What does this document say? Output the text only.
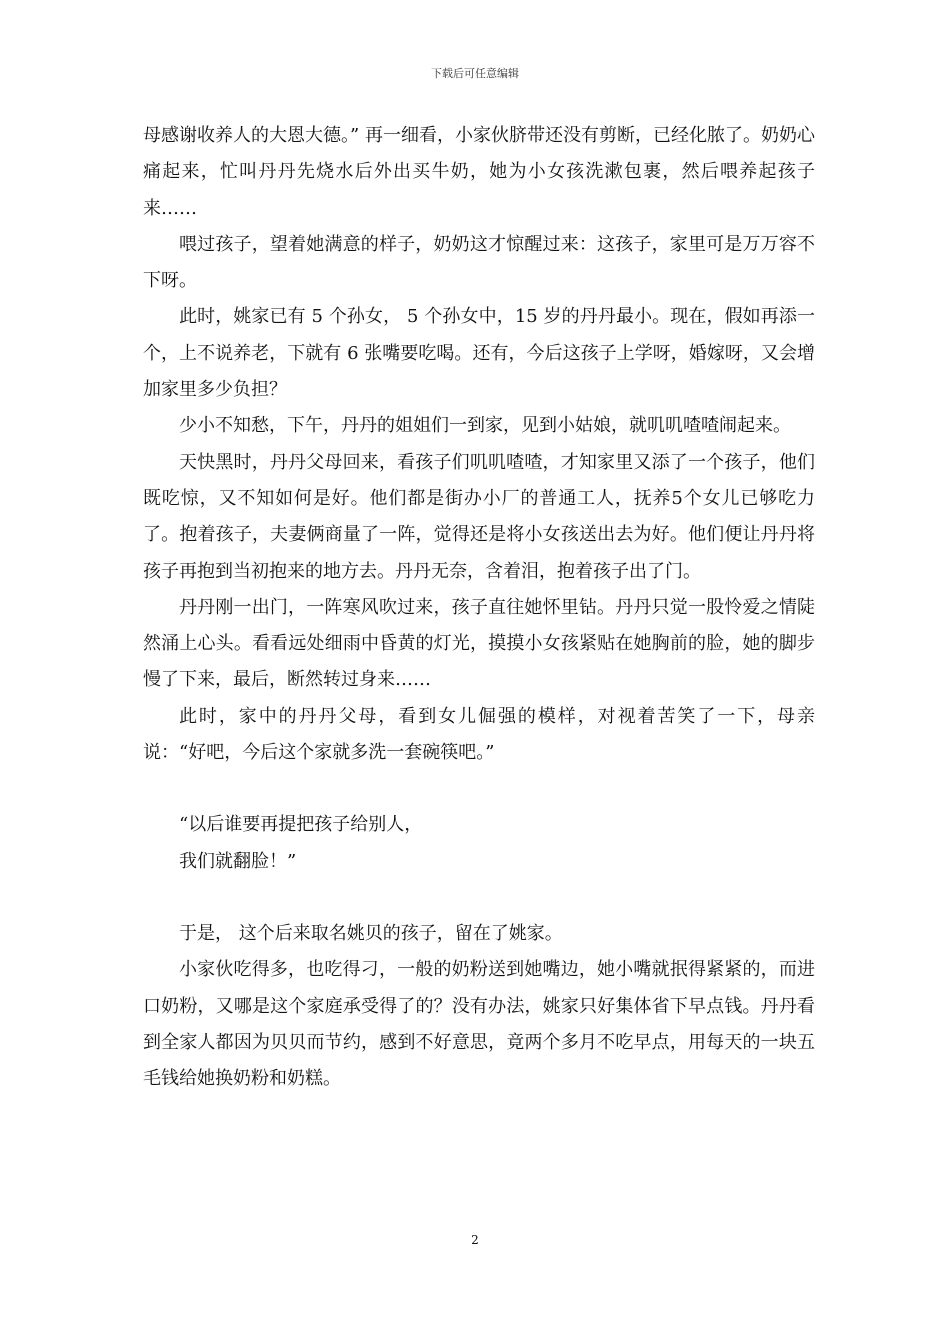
下载后可任意编辑

母感谢收养人的大恩大德。” 再一细看，小家伙脐带还没有剪断，已经化脓了。奶奶心痛起来，忙叫丹丹先烧水后外出买牛奶，她为小女孩洗漱包裹，然后喂养起孩子来……

喂过孩子，望着她满意的样子，奶奶这才惊醒过来：这孩子，家里可是万万容不下呀。

此时，姚家已有 5 个孙女， 5 个孙女中，15 岁的丹丹最小。现在，假如再添一个，上不说养老，下就有 6 张嘴要吃喝。还有，今后这孩子上学呀，婚嫁呀，又会增加家里多少负担？

少小不知愁，下午，丹丹的姐姐们一到家，见到小姑娘，就叽叽喳喳闹起来。

天快黑时，丹丹父母回来，看孩子们叽叽喳喳，才知家里又添了一个孩子，他们既吃惊，又不知如何是好。他们都是街办小厂的普通工人，抚养5个女儿已够吃力了。抱着孩子，夫妻俩商量了一阵，觉得还是将小女孩送出去为好。他们便让丹丹将孩子再抱到当初抱来的地方去。丹丹无奈，含着泪，抱着孩子出了门。

丹丹刚一出门，一阵寒风吹过来，孩子直往她怀里钻。丹丹只觉一股怜爱之情陡然涌上心头。看看远处细雨中昏黄的灯光，摸摸小女孩紧贴在她胸前的脸，她的脚步慢了下来，最后，断然转过身来……

此时，家中的丹丹父母，看到女儿倔强的模样，对视着苦笑了一下，母亲说：“好吧，今后这个家就多洗一套碗筷吧。”

“以后谁要再提把孩子给别人，

我们就翻脸！”

于是， 这个后来取名姚贝的孩子，留在了姚家。

小家伙吃得多，也吃得刁，一般的奶粉送到她嘴边，她小嘴就抿得紧紧的，而进口奶粉，又哪是这个家庭承受得了的？没有办法，姚家只好集体省下早点钱。丹丹看到全家人都因为贝贝而节约，感到不好意思，竟两个多月不吃早点，用每天的一块五毛钱给她换奶粉和奶糕。

2
